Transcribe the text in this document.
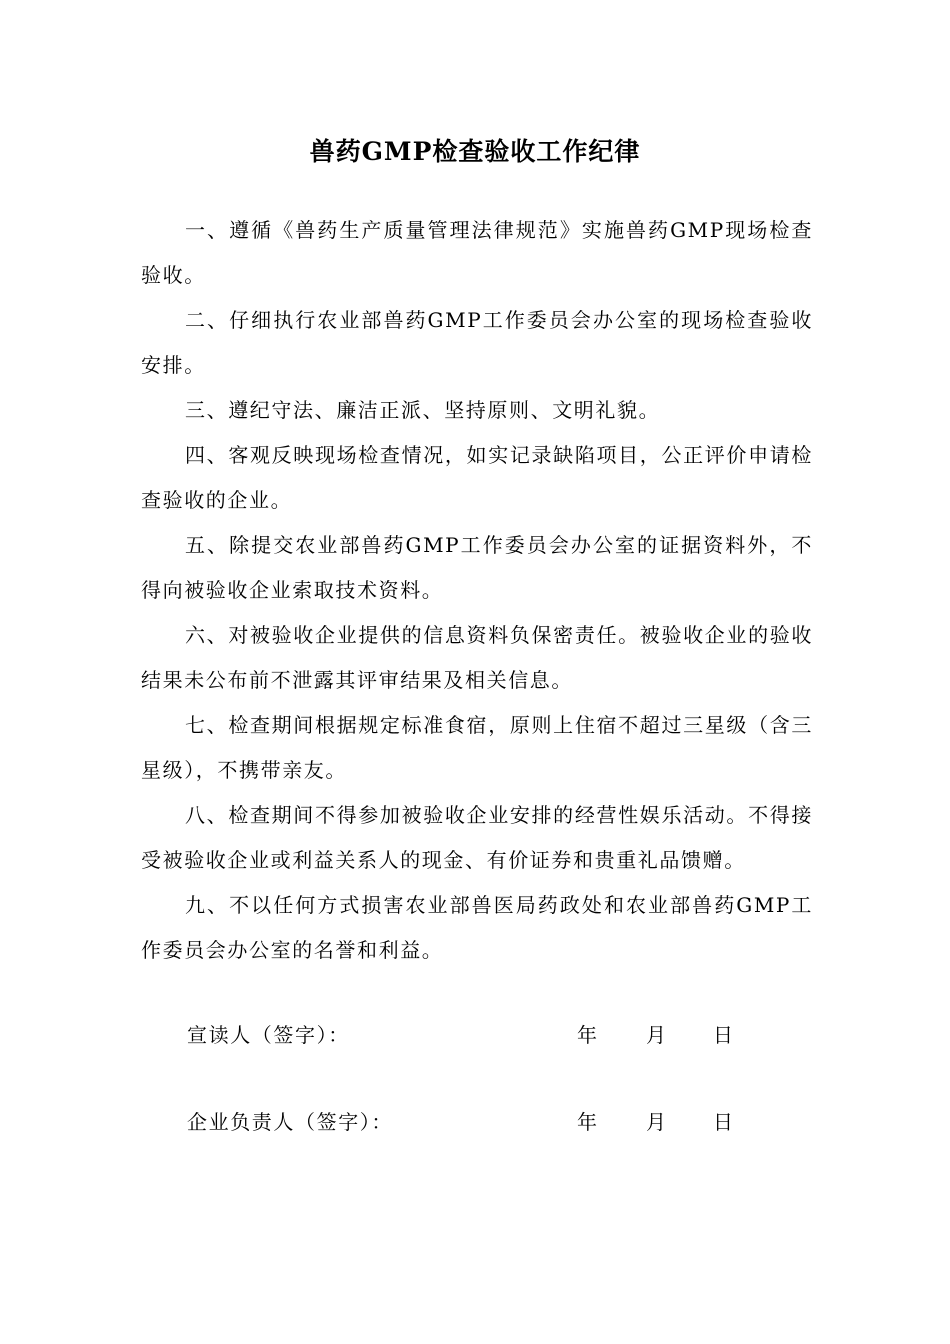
兽药GMP检查验收工作纪律

一、遵循《兽药生产质量管理法律规范》实施兽药GMP现场检查验收。

二、仔细执行农业部兽药GMP工作委员会办公室的现场检查验收安排。

三、遵纪守法、廉洁正派、坚持原则、文明礼貌。

四、客观反映现场检查情况，如实记录缺陷项目，公正评价申请检查验收的企业。

五、除提交农业部兽药GMP工作委员会办公室的证据资料外，不得向被验收企业索取技术资料。

六、对被验收企业提供的信息资料负保密责任。被验收企业的验收结果未公布前不泄露其评审结果及相关信息。

七、检查期间根据规定标准食宿，原则上住宿不超过三星级（含三星级），不携带亲友。

八、检查期间不得参加被验收企业安排的经营性娱乐活动。不得接受被验收企业或利益关系人的现金、有价证券和贵重礼品馈赠。

九、不以任何方式损害农业部兽医局药政处和农业部兽药GMP工作委员会办公室的名誉和利益。

宣读人（签字）：	年 月 日
企业负责人（签字）：	年 月 日
